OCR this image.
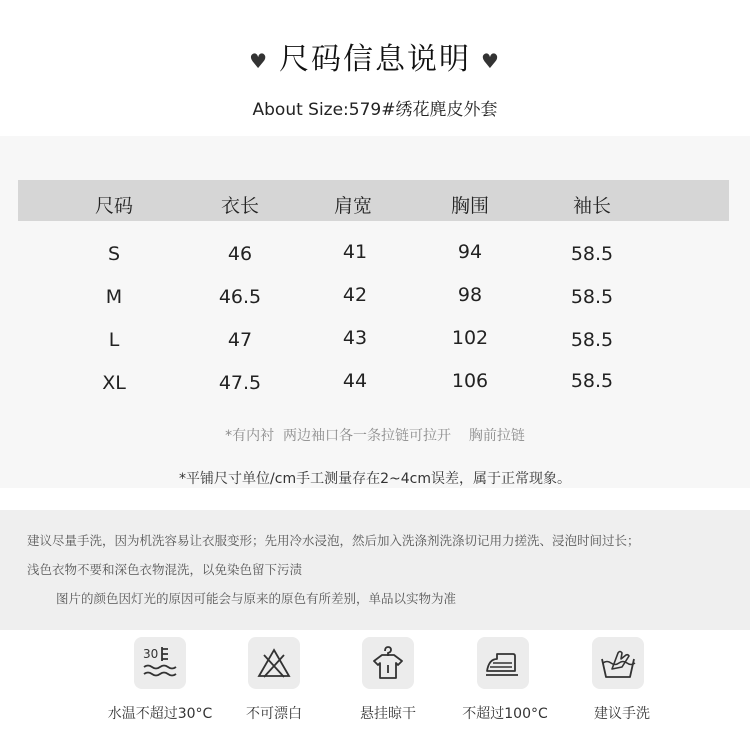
♥ 尺码信息说明 ♥
About Size:579#绣花麂皮外套
尺码	衣长	肩宽	胸围	袖长
S	46	41	94	58.5
M	46.5	42	98	58.5
L	47	43	102	58.5
XL	47.5	44	106	58.5
*有内衬  两边袖口各一条拉链可拉开    胸前拉链
*平铺尺寸单位/cm手工测量存在2~4cm误差，属于正常现象。

建议尽量手洗，因为机洗容易让衣服变形；先用冷水浸泡，然后加入洗涤剂洗涤切记用力搓洗、浸泡时间过长；

浅色衣物不要和深色衣物混洗，以免染色留下污渍

图片的颜色因灯光的原因可能会与原来的原色有所差别，单品以实物为准

30
水温不超过30°C	不可漂白	悬挂晾干	不超过100°C	建议手洗
